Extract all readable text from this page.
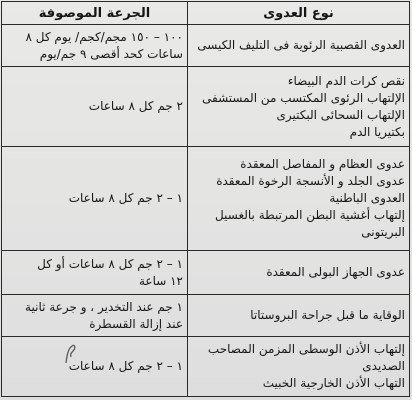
نوع العدوى	الجرعة الموصوفة

العدوى القصبية الرئوية فى التليف الكيسى	١٠٠ – ١٥٠ مجم/كجم/ يوم كل ٨
ساعات كحد أقصى ٩ جم/يوم

نقص كرات الدم البيضاء
الإلتهاب الرئوى المكتسب من المستشفى
الإلتهاب السحائى البكتيرى
بكتيريا الدم	٢ جم كل ٨ ساعات

عدوى العظام و المفاصل المعقدة
عدوى الجلد و الأنسجة الرخوة المعقدة
العدوى الباطنية
إلتهاب أغشية البطن المرتبطة بالغسيل
البريتونى	١ – ٢ جم كل ٨ ساعات

عدوى الجهاز البولى المعقدة	١ – ٢ جم كل ٨ ساعات أو كل
١٢ ساعة

الوقاية ما قبل جراحة البروستاتا	١ جم عند التخدير ، و جرعة ثانية
عند إزالة القسطرة

إلتهاب الأذن الوسطى المزمن المصاحب
الصديدى
التهاب الأذن الخارجية الخبيث	١ – ٢ جم كل ٨ ساعات
